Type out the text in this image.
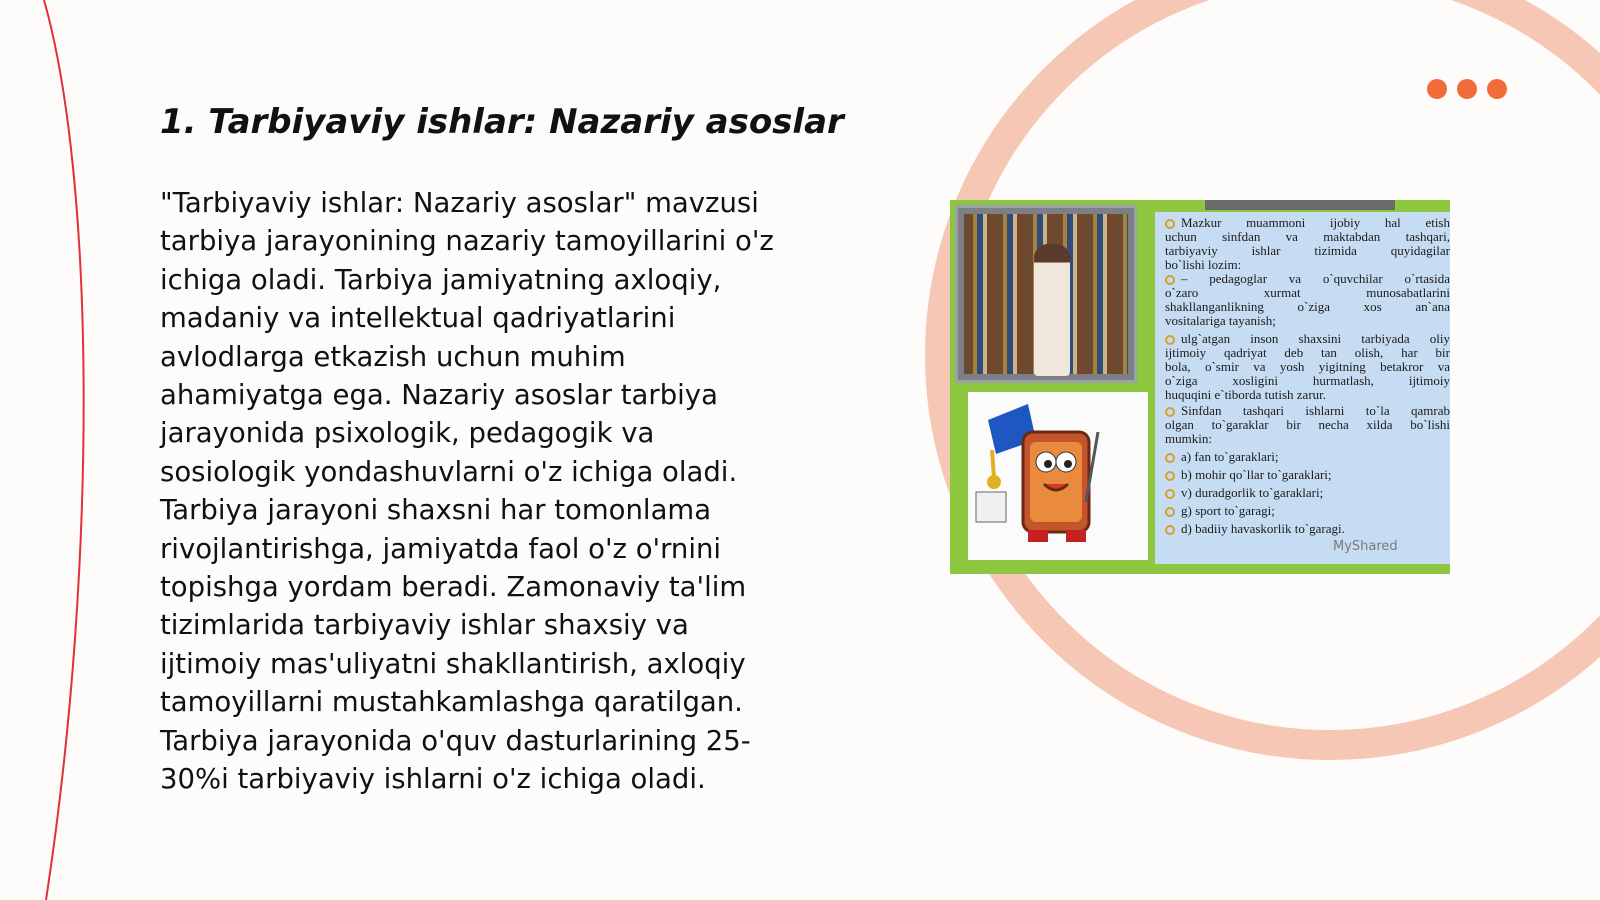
1. Tarbiyaviy ishlar: Nazariy asoslar

"Tarbiyaviy ishlar: Nazariy asoslar" mavzusi
tarbiya jarayonining nazariy tamoyillarini o'z
ichiga oladi. Tarbiya jamiyatning axloqiy,
madaniy va intellektual qadriyatlarini
avlodlarga etkazish uchun muhim
ahamiyatga ega. Nazariy asoslar tarbiya
jarayonida psixologik, pedagogik va
sosiologik yondashuvlarni o'z ichiga oladi.
Tarbiya jarayoni shaxsni har tomonlama
rivojlantirishga, jamiyatda faol o'z o'rnini
topishga yordam beradi. Zamonaviy ta'lim
tizimlarida tarbiyaviy ishlar shaxsiy va
ijtimoiy mas'uliyatni shakllantirish, axloqiy
tamoyillarni mustahkamlashga qaratilgan.
Tarbiya jarayonida o'quv dasturlarining 25-
30%i tarbiyaviy ishlarni o'z ichiga oladi.

MyShared
Mazkur muammoni ijobiy hal etish
uchun sinfdan va maktabdan tashqari,
tarbiyaviy ishlar tizimida quyidagilar
bo`lishi lozim:
– pedagoglar va o`quvchilar o`rtasida
o`zaro xurmat munosabatlarini
shakllanganlikning o`ziga xos an`ana
vositalariga tayanish;
ulg`atgan inson shaxsini tarbiyada oliy
ijtimoiy qadriyat deb tan olish, har bir
bola, o`smir va yosh yigitning betakror va
o`ziga xosligini hurmatlash, ijtimoiy
huquqini e`tiborda tutish zarur.
Sinfdan tashqari ishlarni to`la qamrab
olgan to`garaklar bir necha xilda bo`lishi
mumkin:
a) fan to`garaklari;
b) mohir qo`llar to`garaklari;
v) duradgorlik to`garaklari;
g) sport to`garagi;
d) badiiy havaskorlik to`garagi.
